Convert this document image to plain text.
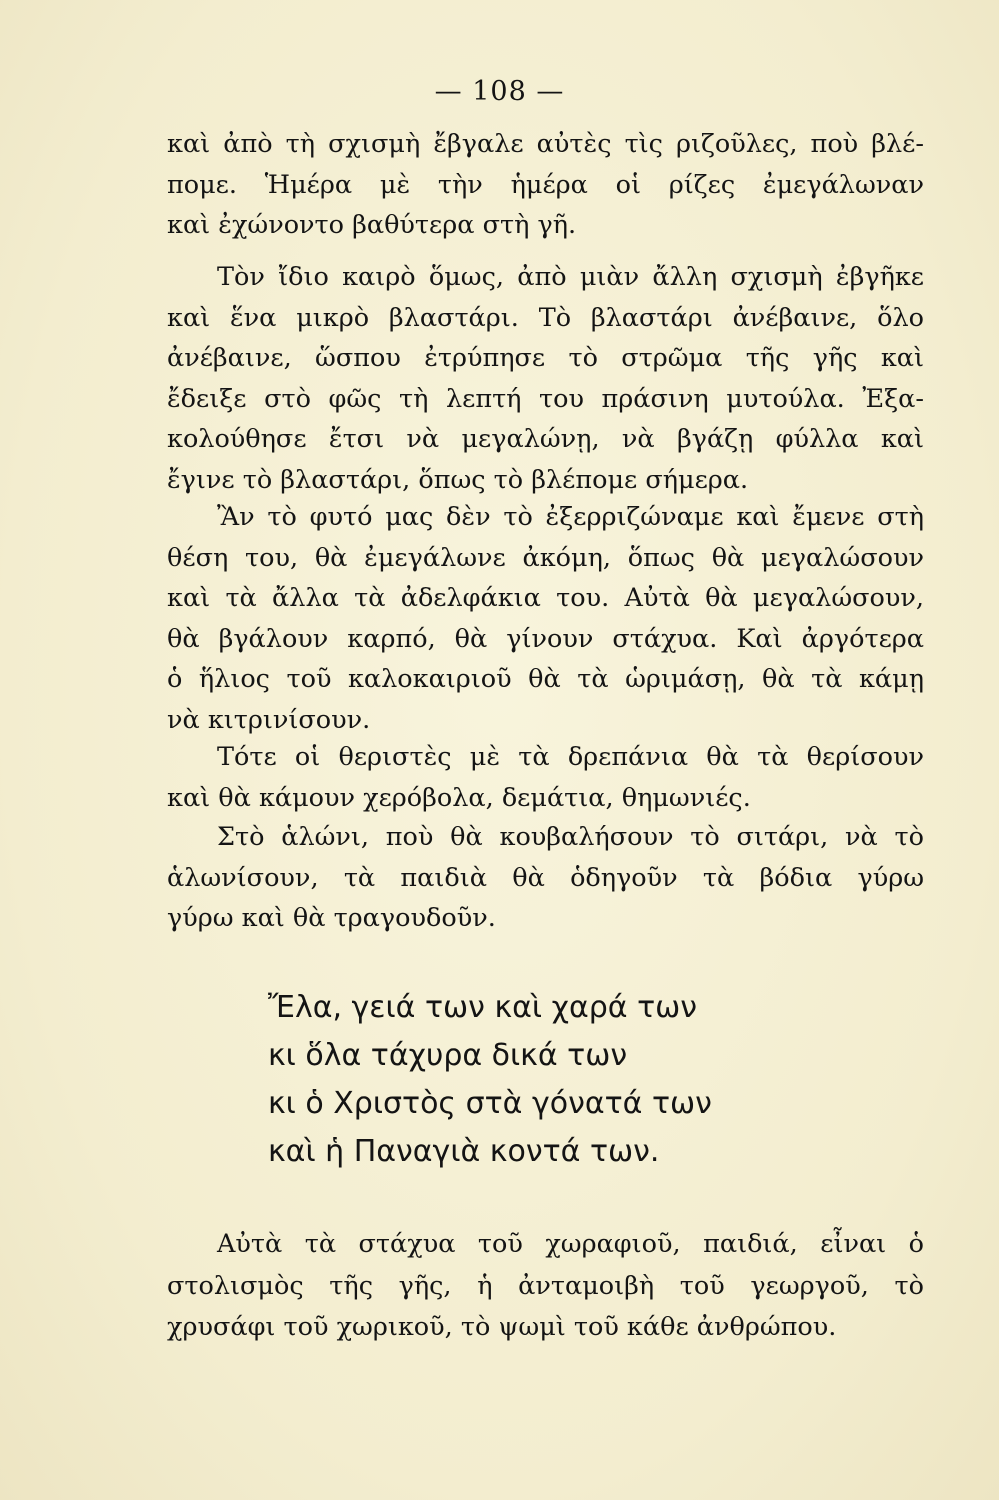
— 108 —
καὶ ἀπὸ τὴ σχισμὴ ἔβγαλε αὐτὲς τὶς ριζοῦλες, ποὺ βλέ-
πομε. Ἡμέρα μὲ τὴν ἡμέρα οἱ ρίζες ἐμεγάλωναν
καὶ ἐχώνοντο βαθύτερα στὴ γῆ.
Τὸν ἴδιο καιρὸ ὅμως, ἀπὸ μιὰν ἄλλη σχισμὴ ἐβγῆκε
καὶ ἕνα μικρὸ βλαστάρι. Τὸ βλαστάρι ἀνέβαινε, ὅλο
ἀνέβαινε, ὥσπου ἐτρύπησε τὸ στρῶμα τῆς γῆς καὶ
ἔδειξε στὸ φῶς τὴ λεπτή του πράσινη μυτούλα. Ἐξα-
κολούθησε ἔτσι νὰ μεγαλώνῃ, νὰ βγάζῃ φύλλα καὶ
ἔγινε τὸ βλαστάρι, ὅπως τὸ βλέπομε σήμερα.
Ἂν τὸ φυτό μας δὲν τὸ ἐξερριζώναμε καὶ ἔμενε στὴ
θέση του, θὰ ἐμεγάλωνε ἀκόμη, ὅπως θὰ μεγαλώσουν
καὶ τὰ ἄλλα τὰ ἀδελφάκια του. Αὐτὰ θὰ μεγαλώσουν,
θὰ βγάλουν καρπό, θὰ γίνουν στάχυα. Καὶ ἀργότερα
ὁ ἥλιος τοῦ καλοκαιριοῦ θὰ τὰ ὡριμάσῃ, θὰ τὰ κάμῃ
νὰ κιτρινίσουν.
Τότε οἱ θεριστὲς μὲ τὰ δρεπάνια θὰ τὰ θερίσουν
καὶ θὰ κάμουν χερόβολα, δεμάτια, θημωνιές.
Στὸ ἁλώνι, ποὺ θὰ κουβαλήσουν τὸ σιτάρι, νὰ τὸ
ἁλωνίσουν, τὰ παιδιὰ θὰ ὁδηγοῦν τὰ βόδια γύρω
γύρω καὶ θὰ τραγουδοῦν.
Ἔλα, γειά των καὶ χαρά των
κι ὅλα τάχυρα δικά των
κι ὁ Χριστὸς στὰ γόνατά των
καὶ ἡ Παναγιὰ κοντά των.
Αὐτὰ τὰ στάχυα τοῦ χωραφιοῦ, παιδιά, εἶναι ὁ
στολισμὸς τῆς γῆς, ἡ ἀνταμοιβὴ τοῦ γεωργοῦ, τὸ
χρυσάφι τοῦ χωρικοῦ, τὸ ψωμὶ τοῦ κάθε ἀνθρώπου.
